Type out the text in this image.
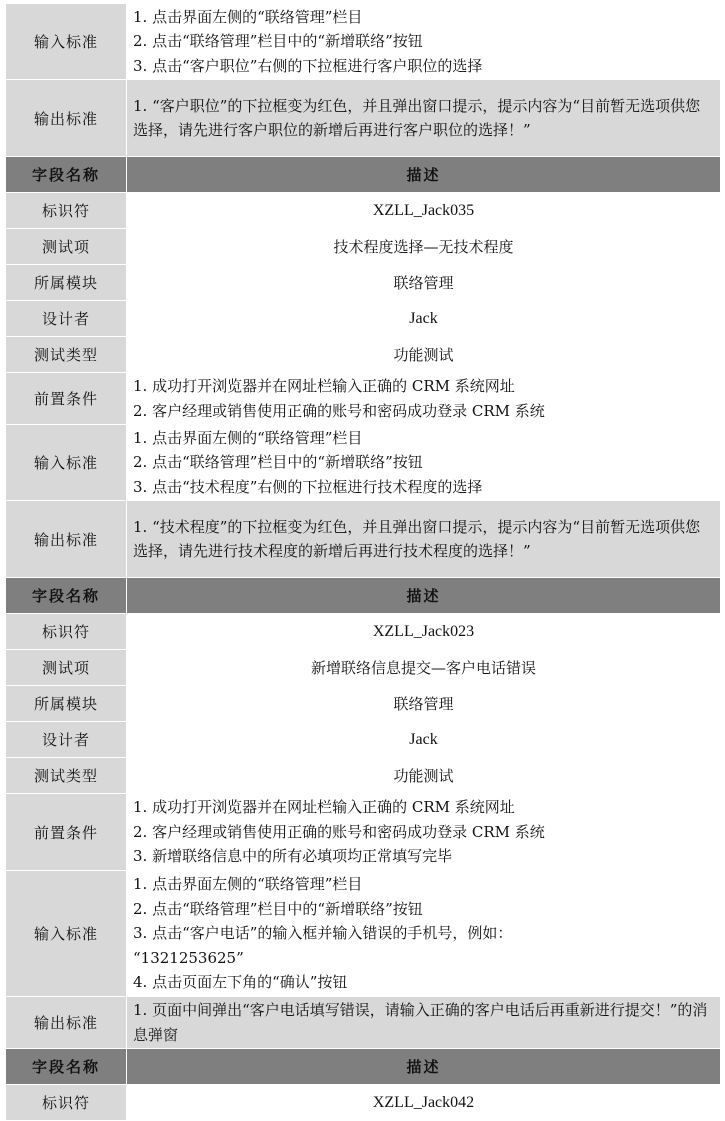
输入标准	1. 点击界面左侧的“联络管理”栏目
2. 点击“联络管理”栏目中的“新增联络”按钮
3. 点击“客户职位”右侧的下拉框进行客户职位的选择

输出标准	1. “客户职位”的下拉框变为红色，并且弹出窗口提示，提示内容为“目前暂无选项供您选择，请先进行客户职位的新增后再进行客户职位的选择！”

字段名称	描述
标识符	XZLL_Jack035
测试项	技术程度选择—无技术程度
所属模块	联络管理
设计者	Jack
测试类型	功能测试
前置条件	1. 成功打开浏览器并在网址栏输入正确的 CRM 系统网址
2. 客户经理或销售使用正确的账号和密码成功登录 CRM 系统

输入标准	1. 点击界面左侧的“联络管理”栏目
2. 点击“联络管理”栏目中的“新增联络”按钮
3. 点击“技术程度”右侧的下拉框进行技术程度的选择

输出标准	1. “技术程度”的下拉框变为红色，并且弹出窗口提示，提示内容为“目前暂无选项供您选择，请先进行技术程度的新增后再进行技术程度的选择！”

字段名称	描述
标识符	XZLL_Jack023
测试项	新增联络信息提交—客户电话错误
所属模块	联络管理
设计者	Jack
测试类型	功能测试
前置条件	1. 成功打开浏览器并在网址栏输入正确的 CRM 系统网址
2. 客户经理或销售使用正确的账号和密码成功登录 CRM 系统
3. 新增联络信息中的所有必填项均正常填写完毕

输入标准	1. 点击界面左侧的“联络管理”栏目
2. 点击“联络管理”栏目中的“新增联络”按钮
3. 点击“客户电话”的输入框并输入错误的手机号，例如：
“1321253625”
4. 点击页面左下角的“确认”按钮

输出标准	1. 页面中间弹出“客户电话填写错误，请输入正确的客户电话后再重新进行提交！”的消息弹窗

字段名称	描述
标识符	XZLL_Jack042
